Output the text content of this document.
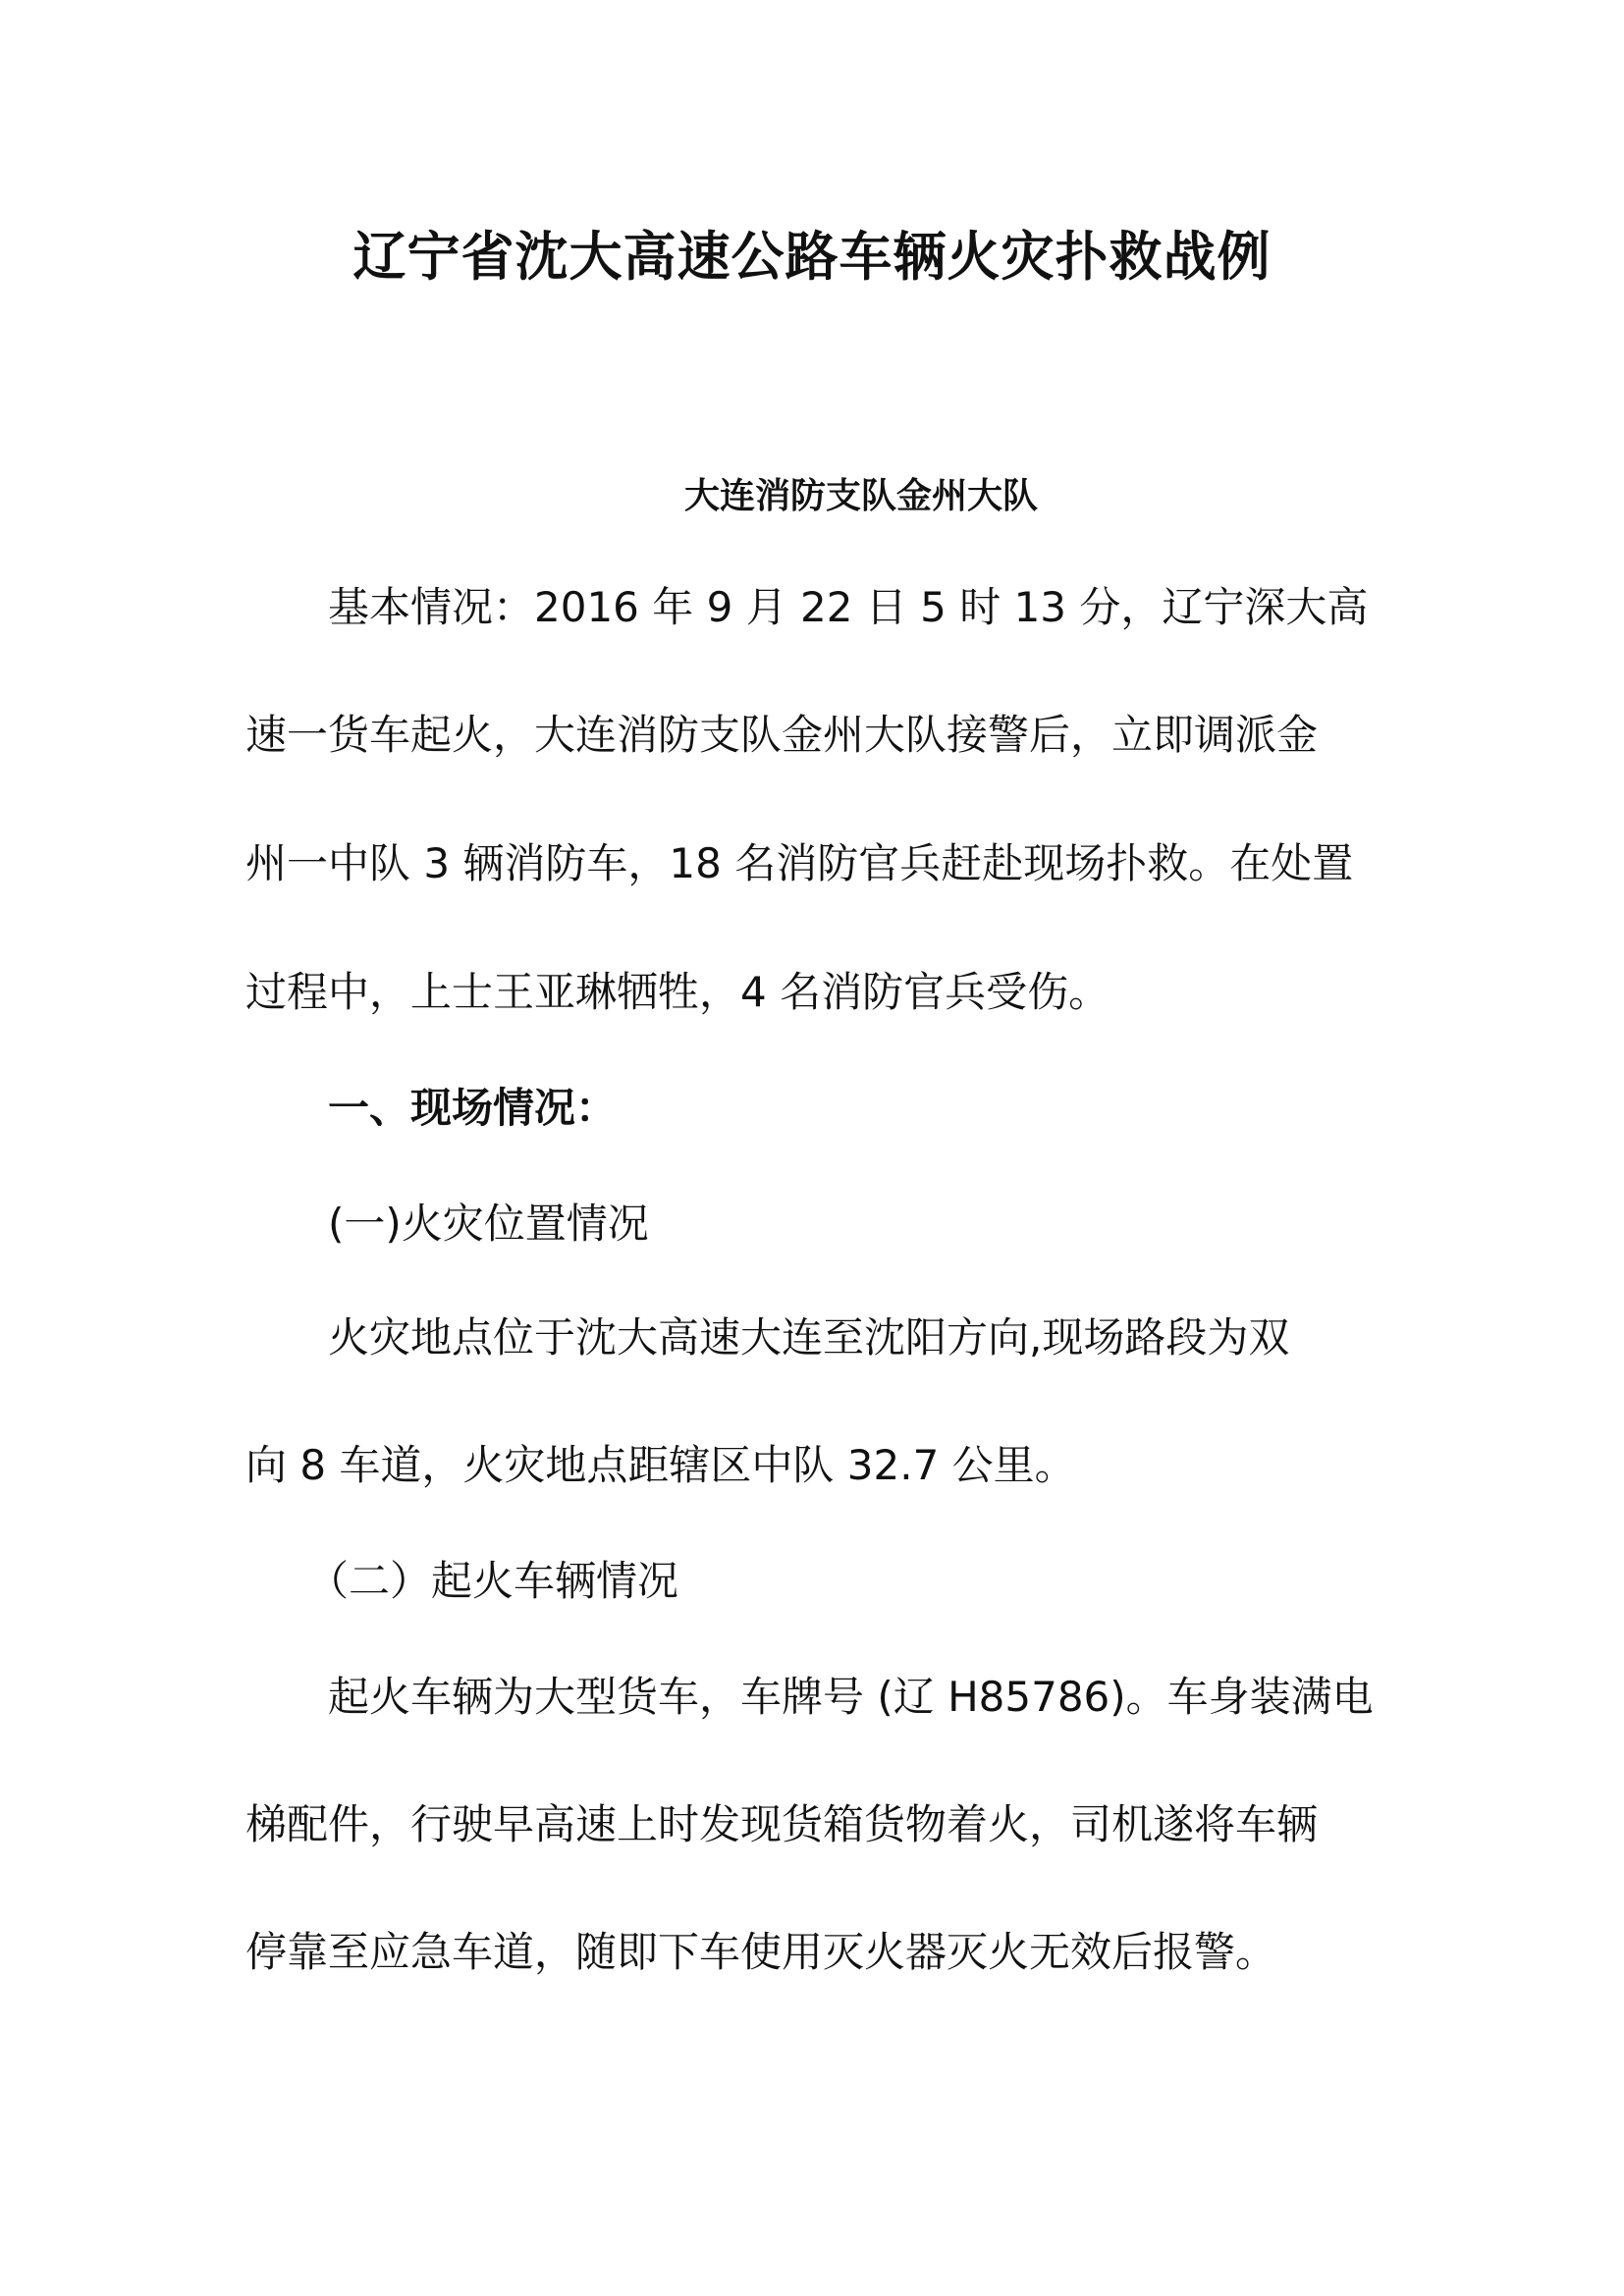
辽宁省沈大高速公路车辆火灾扑救战例
大连消防支队金州大队
　　基本情况：2016 年 9 月 22 日 5 时 13 分，辽宁深大高
速一货车起火，大连消防支队金州大队接警后，立即调派金
州一中队 3 辆消防车，18 名消防官兵赶赴现场扑救。在处置
过程中，上士王亚琳牺牲，4 名消防官兵受伤。
　　一、现场情况：
　　(一)火灾位置情况
　　火灾地点位于沈大高速大连至沈阳方向,现场路段为双
向 8 车道，火灾地点距辖区中队 32.7 公里。
　　（二）起火车辆情况
　　起火车辆为大型货车，车牌号 (辽 H85786)。车身装满电
梯配件，行驶早高速上时发现货箱货物着火，司机遂将车辆
停靠至应急车道，随即下车使用灭火器灭火无效后报警。
